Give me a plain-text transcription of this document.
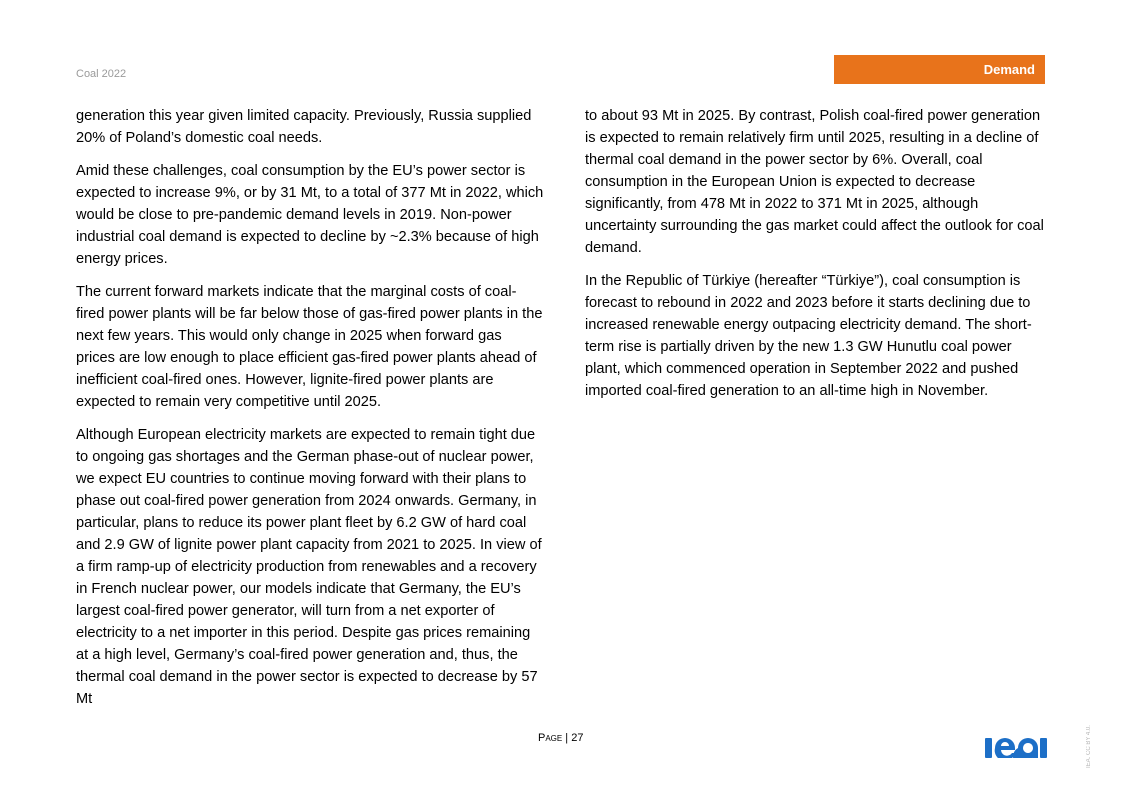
Coal 2022	Demand

generation this year given limited capacity. Previously, Russia supplied 20% of Poland’s domestic coal needs.

Amid these challenges, coal consumption by the EU’s power sector is expected to increase 9%, or by 31 Mt, to a total of 377 Mt in 2022, which would be close to pre-pandemic demand levels in 2019. Non-power industrial coal demand is expected to decline by ~2.3% because of high energy prices.

The current forward markets indicate that the marginal costs of coal-fired power plants will be far below those of gas-fired power plants in the next few years. This would only change in 2025 when forward gas prices are low enough to place efficient gas-fired power plants ahead of inefficient coal-fired ones. However, lignite-fired power plants are expected to remain very competitive until 2025.

Although European electricity markets are expected to remain tight due to ongoing gas shortages and the German phase-out of nuclear power, we expect EU countries to continue moving forward with their plans to phase out coal-fired power generation from 2024 onwards. Germany, in particular, plans to reduce its power plant fleet by 6.2 GW of hard coal and 2.9 GW of lignite power plant capacity from 2021 to 2025. In view of a firm ramp-up of electricity production from renewables and a recovery in French nuclear power, our models indicate that Germany, the EU’s largest coal-fired power generator, will turn from a net exporter of electricity to a net importer in this period. Despite gas prices remaining at a high level, Germany’s coal-fired power generation and, thus, the thermal coal demand in the power sector is expected to decrease by 57 Mt

to about 93 Mt in 2025. By contrast, Polish coal-fired power generation is expected to remain relatively firm until 2025, resulting in a decline of thermal coal demand in the power sector by 6%. Overall, coal consumption in the European Union is expected to decrease significantly, from 478 Mt in 2022 to 371 Mt in 2025, although uncertainty surrounding the gas market could affect the outlook for coal demand.

In the Republic of Türkiye (hereafter “Türkiye”), coal consumption is forecast to rebound in 2022 and 2023 before it starts declining due to increased renewable energy outpacing electricity demand. The short-term rise is partially driven by the new 1.3 GW Hunutlu coal power plant, which commenced operation in September 2022 and pushed imported coal-fired generation to an all-time high in November.

Page | 27	iea	IEA. CC BY 4.0.
